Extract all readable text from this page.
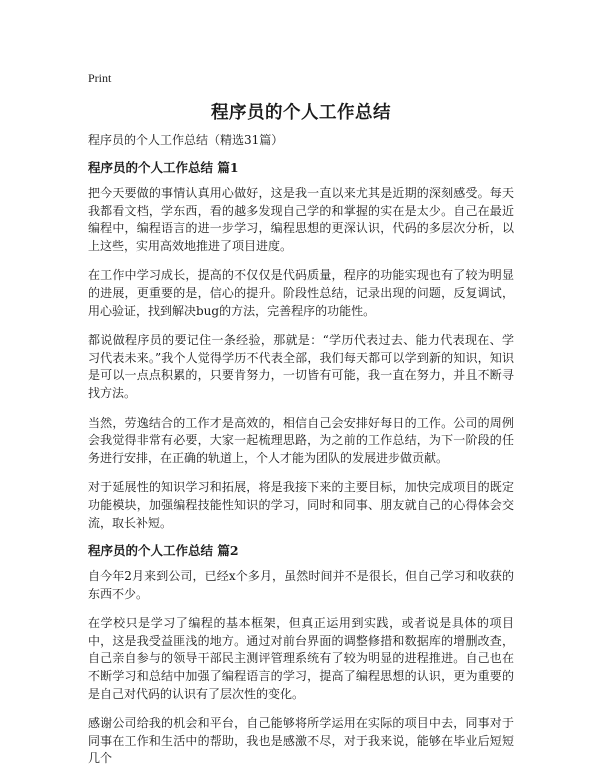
Print
程序员的个人工作总结
程序员的个人工作总结（精选31篇）
程序员的个人工作总结 篇1

把今天要做的事情认真用心做好，这是我一直以来尤其是近期的深刻感受。每天我都看文档，学东西，看的越多发现自己学的和掌握的实在是太少。自己在最近编程中，编程语言的进一步学习，编程思想的更深认识，代码的多层次分析，以上这些，实用高效地推进了项目进度。

在工作中学习成长，提高的不仅仅是代码质量，程序的功能实现也有了较为明显的进展，更重要的是，信心的提升。阶段性总结，记录出现的问题，反复调试，用心验证，找到解决bug的方法，完善程序的功能性。

都说做程序员的要记住一条经验，那就是：“学历代表过去、能力代表现在、学习代表未来。”我个人觉得学历不代表全部，我们每天都可以学到新的知识，知识是可以一点点积累的，只要肯努力，一切皆有可能，我一直在努力，并且不断寻找方法。

当然，劳逸结合的工作才是高效的，相信自己会安排好每日的工作。公司的周例会我觉得非常有必要，大家一起梳理思路，为之前的工作总结，为下一阶段的任务进行安排，在正确的轨道上，个人才能为团队的发展进步做贡献。

对于延展性的知识学习和拓展，将是我接下来的主要目标，加快完成项目的既定功能模块，加强编程技能性知识的学习，同时和同事、朋友就自己的心得体会交流，取长补短。

程序员的个人工作总结 篇2

自今年2月来到公司，已经x个多月，虽然时间并不是很长，但自己学习和收获的东西不少。

在学校只是学习了编程的基本框架，但真正运用到实践，或者说是具体的项目中，这是我受益匪浅的地方。通过对前台界面的调整修措和数据库的增删改查，自己亲自参与的领导干部民主测评管理系统有了较为明显的进程推进。自己也在不断学习和总结中加强了编程语言的学习，提高了编程思想的认识，更为重要的是自己对代码的认识有了层次性的变化。

感谢公司给我的机会和平台，自己能够将所学运用在实际的项目中去，同事对于同事在工作和生活中的帮助，我也是感激不尽，对于我来说，能够在毕业后短短几个
